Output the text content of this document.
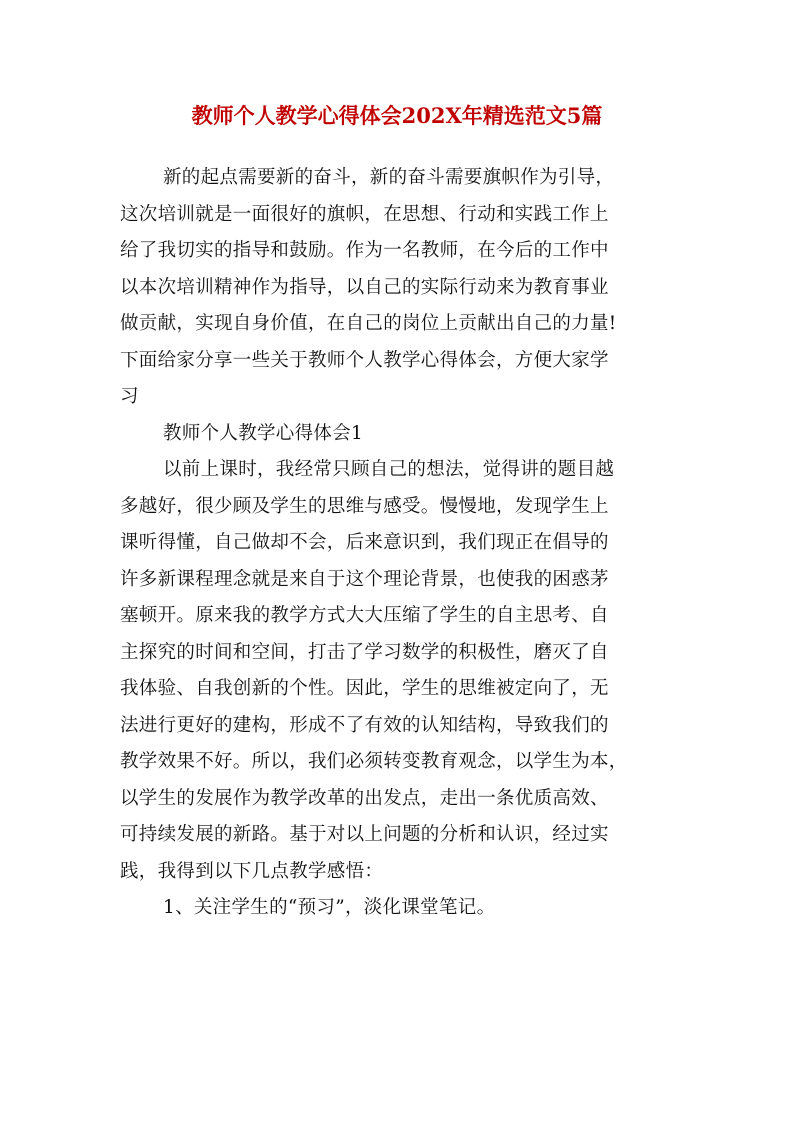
教师个人教学心得体会202X年精选范文5篇
新的起点需要新的奋斗，新的奋斗需要旗帜作为引导，
这次培训就是一面很好的旗帜，在思想、行动和实践工作上
给了我切实的指导和鼓励。作为一名教师，在今后的工作中
以本次培训精神作为指导，以自己的实际行动来为教育事业
做贡献，实现自身价值，在自己的岗位上贡献出自己的力量!
下面给家分享一些关于教师个人教学心得体会，方便大家学
习
教师个人教学心得体会1
以前上课时，我经常只顾自己的想法，觉得讲的题目越
多越好，很少顾及学生的思维与感受。慢慢地，发现学生上
课听得懂，自己做却不会，后来意识到，我们现正在倡导的
许多新课程理念就是来自于这个理论背景，也使我的困惑茅
塞顿开。原来我的教学方式大大压缩了学生的自主思考、自
主探究的时间和空间，打击了学习数学的积极性，磨灭了自
我体验、自我创新的个性。因此，学生的思维被定向了，无
法进行更好的建构，形成不了有效的认知结构，导致我们的
教学效果不好。所以，我们必须转变教育观念，以学生为本，
以学生的发展作为教学改革的出发点，走出一条优质高效、
可持续发展的新路。基于对以上问题的分析和认识，经过实
践，我得到以下几点教学感悟：
1、关注学生的“预习”，淡化课堂笔记。
